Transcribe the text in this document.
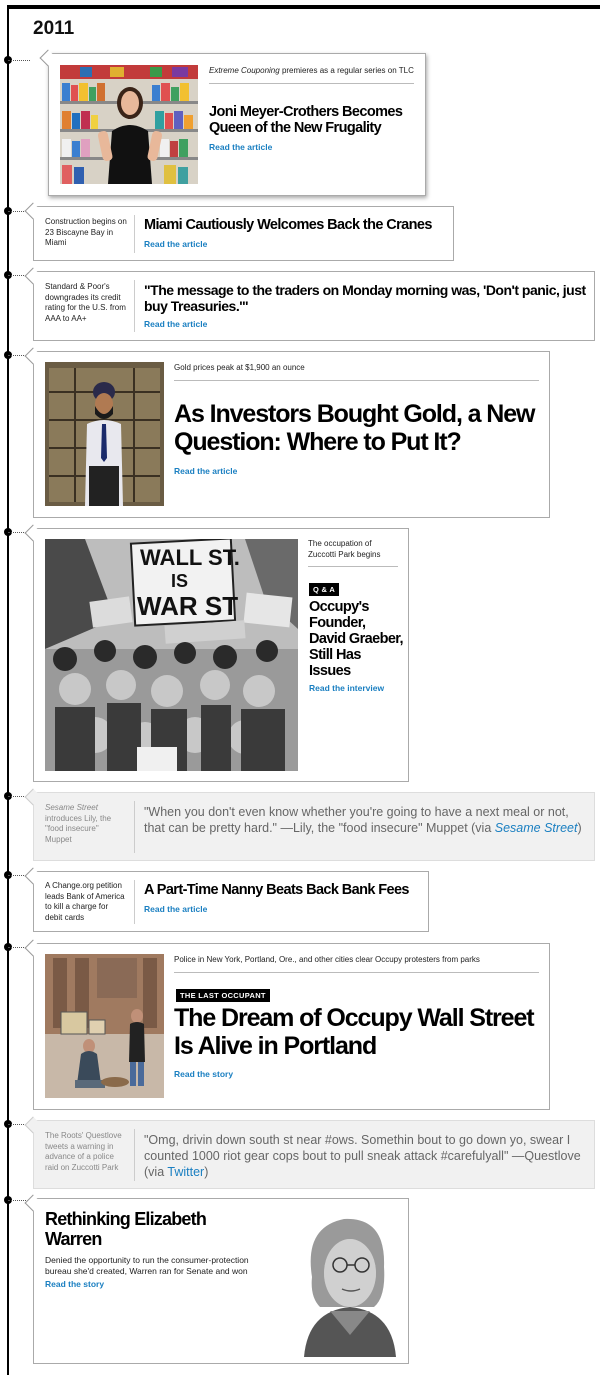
2011
Extreme Couponing premieres as a regular series on TLC
Joni Meyer-Crothers Becomes Queen of the New Frugality
Read the article
Construction begins on 23 Biscayne Bay in Miami
Miami Cautiously Welcomes Back the Cranes
Read the article
Standard & Poor's downgrades its credit rating for the U.S. from AAA to AA+
"The message to the traders on Monday morning was, 'Don't panic, just buy Treasuries.'"
Read the article
Gold prices peak at $1,900 an ounce
As Investors Bought Gold, a New Question: Where to Put It?
Read the article
WALL ST.
IS
WAR ST
The occupation of Zuccotti Park begins
Q & A
Occupy's Founder, David Graeber, Still Has Issues
Read the interview
Sesame Street introduces Lily, the "food insecure" Muppet
"When you don't even know whether you're going to have a next meal or not, that can be pretty hard." —Lily, the "food insecure" Muppet (via Sesame Street)
A Change.org petition leads Bank of America to kill a charge for debit cards
A Part-Time Nanny Beats Back Bank Fees
Read the article
Police in New York, Portland, Ore., and other cities clear Occupy protesters from parks
THE LAST OCCUPANT
The Dream of Occupy Wall Street Is Alive in Portland
Read the story
The Roots' Questlove tweets a warning in advance of a police raid on Zuccotti Park
"Omg, drivin down south st near #ows. Somethin bout to go down yo, swear I counted 1000 riot gear cops bout to pull sneak attack #carefulyall" —Questlove (via Twitter)
Rethinking Elizabeth Warren
Denied the opportunity to run the consumer-protection bureau she'd created, Warren ran for Senate and won
Read the story
